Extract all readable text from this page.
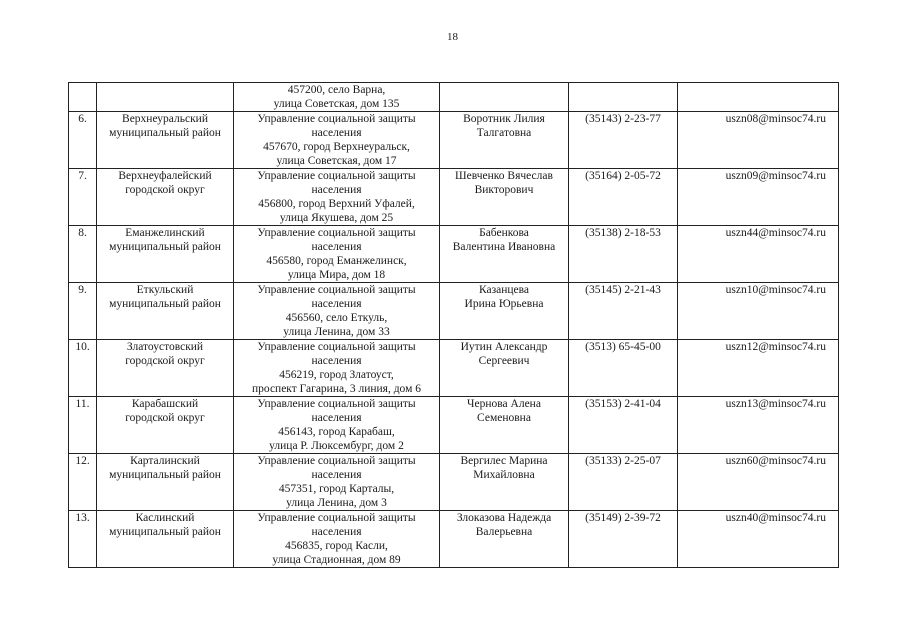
18

		457200, село Варна,
улица Советская, дом 135			

6.	Верхнеуральский
муниципальный район	Управление социальной защиты
населения
457670, город Верхнеуральск,
улица Советская, дом 17	Воротник Лилия
Талгатовна	(35143) 2-23-77	uszn08@minsoc74.ru
7.	Верхнеуфалейский
городской округ	Управление социальной защиты
населения
456800, город Верхний Уфалей,
улица Якушева, дом 25	Шевченко Вячеслав
Викторович	(35164) 2-05-72	uszn09@minsoc74.ru
8.	Еманжелинский
муниципальный район	Управление социальной защиты
населения
456580, город Еманжелинск,
улица Мира, дом 18	Бабенкова
Валентина Ивановна	(35138) 2-18-53	uszn44@minsoc74.ru
9.	Еткульский
муниципальный район	Управление социальной защиты
населения
456560, село Еткуль,
улица Ленина, дом 33	Казанцева
Ирина Юрьевна	(35145) 2-21-43	uszn10@minsoc74.ru
10.	Златоустовский
городской округ	Управление социальной защиты
населения
456219, город Златоуст,
проспект Гагарина, 3 линия, дом 6	Иутин Александр
Сергеевич	(3513) 65-45-00	uszn12@minsoc74.ru
11.	Карабашский
городской округ	Управление социальной защиты
населения
456143, город Карабаш,
улица Р. Люксембург, дом 2	Чернова Алена
Семеновна	(35153) 2-41-04	uszn13@minsoc74.ru
12.	Карталинский
муниципальный район	Управление социальной защиты
населения
457351, город Карталы,
улица Ленина, дом 3	Вергилес Марина
Михайловна	(35133) 2-25-07	uszn60@minsoc74.ru
13.	Каслинский
муниципальный район	Управление социальной защиты
населения
456835, город Касли,
улица Стадионная, дом 89	Злоказова Надежда
Валерьевна	(35149) 2-39-72	uszn40@minsoc74.ru
